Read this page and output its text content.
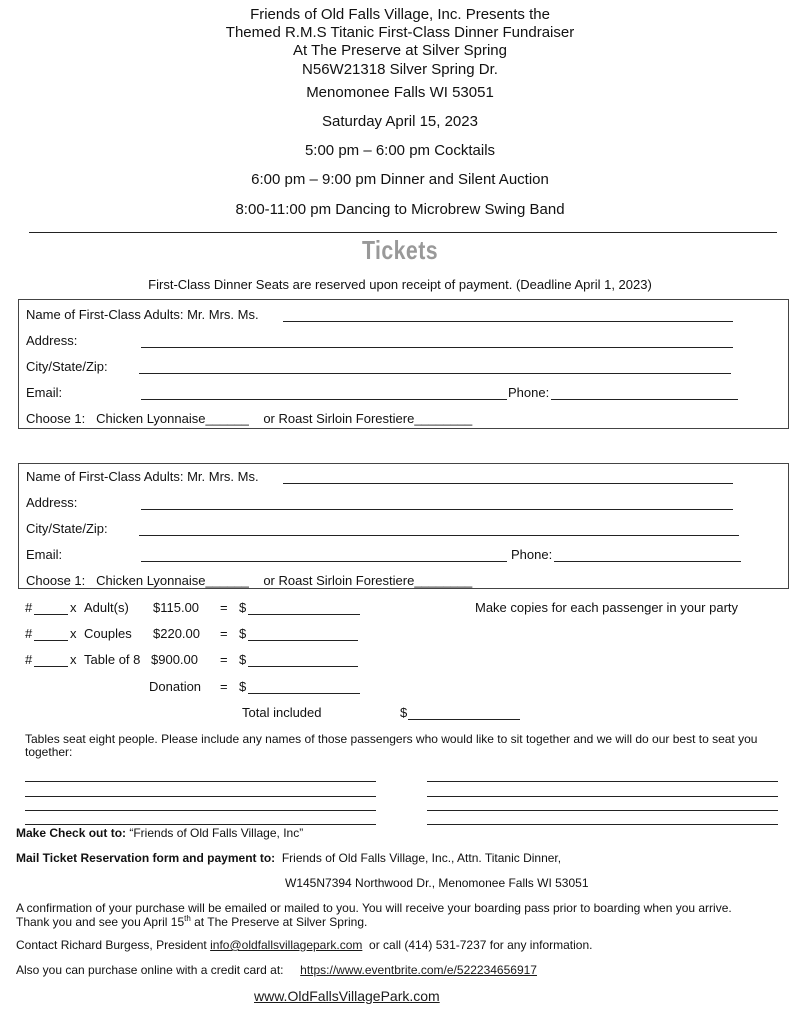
Friends of Old Falls Village, Inc. Presents the
Themed R.M.S Titanic First-Class Dinner Fundraiser
At The Preserve at Silver Spring
N56W21318 Silver Spring Dr.
Menomonee Falls WI 53051
Saturday April 15, 2023
5:00 pm – 6:00 pm Cocktails
6:00 pm – 9:00 pm Dinner and Silent Auction
8:00-11:00 pm Dancing to Microbrew Swing Band
Tickets
First-Class Dinner Seats are reserved upon receipt of payment. (Deadline April 1, 2023)
Name of First-Class Adults: Mr. Mrs. Ms.
Address:
City/State/Zip:
Email:	Phone:
Choose 1: Chicken Lyonnaise______ or Roast Sirloin Forestiere________
Name of First-Class Adults: Mr. Mrs. Ms.
Address:
City/State/Zip:
Email:	Phone:
Choose 1: Chicken Lyonnaise______ or Roast Sirloin Forestiere________
#	x Adult(s) $115.00 = $	Make copies for each passenger in your party
#	x Couples $220.00 = $
#	x Table of 8 $900.00 = $
Donation = $
Total included	$
Tables seat eight people. Please include any names of those passengers who would like to sit together and we will do our best to seat you
together:
Make Check out to: “Friends of Old Falls Village, Inc”
Mail Ticket Reservation form and payment to: Friends of Old Falls Village, Inc., Attn. Titanic Dinner,
W145N7394 Northwood Dr., Menomonee Falls WI 53051
A confirmation of your purchase will be emailed or mailed to you. You will receive your boarding pass prior to boarding when you arrive.
Thank you and see you April 15th at The Preserve at Silver Spring.
Contact Richard Burgess, President info@oldfallsvillagepark.com or call (414) 531-7237 for any information.
Also you can purchase online with a credit card at: https://www.eventbrite.com/e/522234656917
www.OldFallsVillagePark.com
